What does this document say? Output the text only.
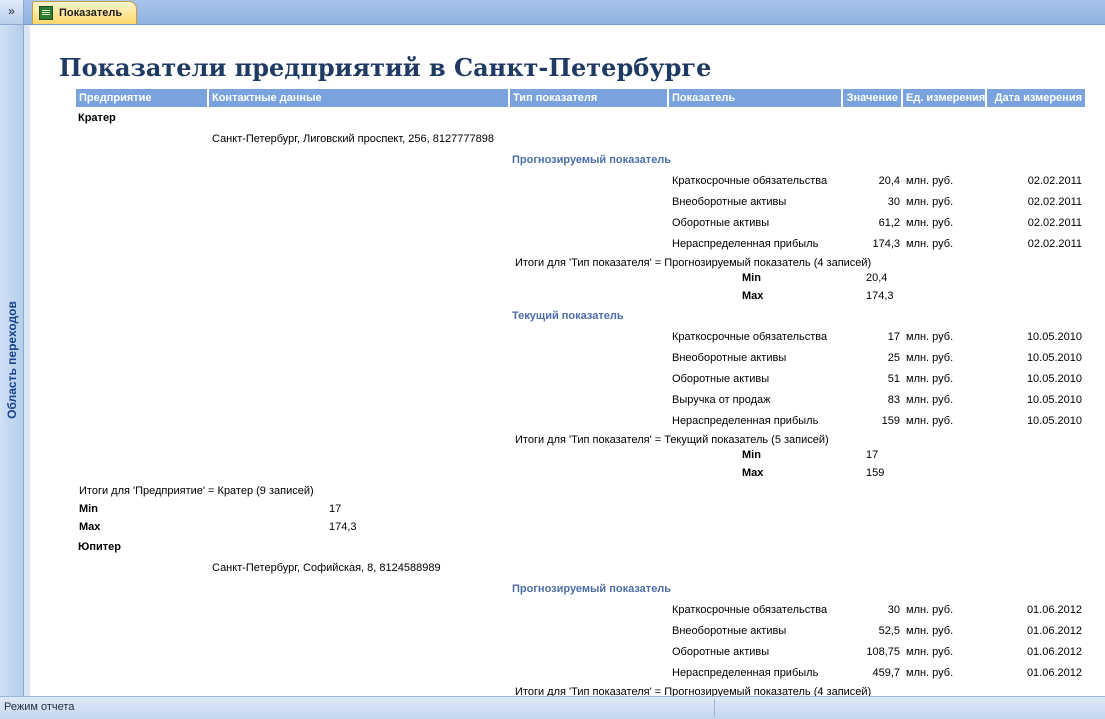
»
Область переходов
Показатель
Показатели предприятий в Санкт-Петербурге
Предприятие	Контактные данные	Тип показателя	Показатель	Значение Ед. измерения Дата измерения
Кратер
Санкт-Петербург, Лиговский проспект, 256, 8127777898
Прогнозируемый показатель
Краткосрочные обязательства	20,4 млн. руб.	02.02.2011
Внеоборотные активы	30 млн. руб.	02.02.2011
Оборотные активы	61,2 млн. руб.	02.02.2011
Нераспределенная прибыль	174,3 млн. руб.	02.02.2011
Итоги для 'Тип показателя' = Прогнозируемый показатель (4 записей)
Min	20,4
Max	174,3
Текущий показатель
Краткосрочные обязательства	17 млн. руб.	10.05.2010
Внеоборотные активы	25 млн. руб.	10.05.2010
Оборотные активы	51 млн. руб.	10.05.2010
Выручка от продаж	83 млн. руб.	10.05.2010
Нераспределенная прибыль	159 млн. руб.	10.05.2010
Итоги для 'Тип показателя' = Текущий показатель (5 записей)
Min	17
Max	159
Итоги для 'Предприятие' = Кратер (9 записей)
Min	17
Max	174,3
Юпитер
Санкт-Петербург, Софийская, 8, 8124588989
Прогнозируемый показатель
Краткосрочные обязательства	30 млн. руб.	01.06.2012
Внеоборотные активы	52,5 млн. руб.	01.06.2012
Оборотные активы	108,75 млн. руб.	01.06.2012
Нераспределенная прибыль	459,7 млн. руб.	01.06.2012
Итоги для 'Тип показателя' = Прогнозируемый показатель (4 записей)
Режим отчета
